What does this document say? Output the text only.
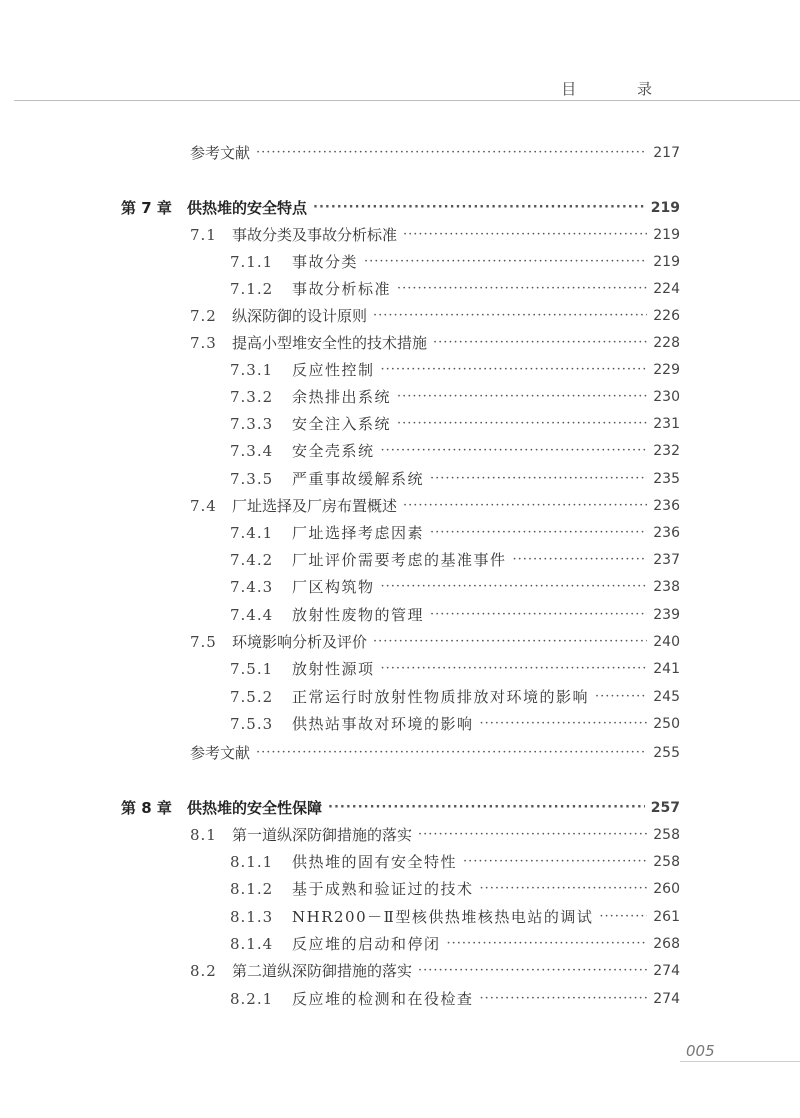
目 录
参考文献 ·····	217
第 7 章	供热堆的安全特点 ·····	219
7.1	事故分类及事故分析标准 ·····	219
7.1.1	事故分类 ·····	219
7.1.2	事故分析标准 ·····	224
7.2	纵深防御的设计原则 ·····	226
7.3	提高小型堆安全性的技术措施 ·····	228
7.3.1	反应性控制 ·····	229
7.3.2	余热排出系统 ·····	230
7.3.3	安全注入系统 ·····	231
7.3.4	安全壳系统 ·····	232
7.3.5	严重事故缓解系统 ·····	235
7.4	厂址选择及厂房布置概述 ·····	236
7.4.1	厂址选择考虑因素 ·····	236
7.4.2	厂址评价需要考虑的基准事件 ·····	237
7.4.3	厂区构筑物 ·····	238
7.4.4	放射性废物的管理 ·····	239
7.5	环境影响分析及评价 ·····	240
7.5.1	放射性源项 ·····	241
7.5.2	正常运行时放射性物质排放对环境的影响 ·····	245
7.5.3	供热站事故对环境的影响 ·····	250
参考文献 ·····	255
第 8 章	供热堆的安全性保障 ·····	257
8.1	第一道纵深防御措施的落实 ·····	258
8.1.1	供热堆的固有安全特性 ·····	258
8.1.2	基于成熟和验证过的技术 ·····	260
8.1.3	NHR200－Ⅱ型核供热堆核热电站的调试 ·····	261
8.1.4	反应堆的启动和停闭 ·····	268
8.2	第二道纵深防御措施的落实 ·····	274
8.2.1	反应堆的检测和在役检查 ·····	274
005
